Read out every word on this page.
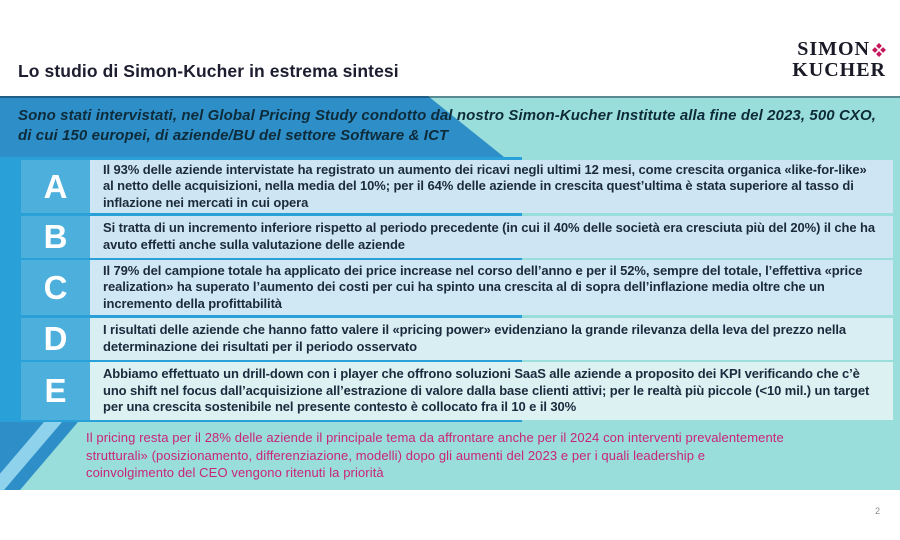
Lo studio di Simon-Kucher in estrema sintesi
SIMON
KUCHER
Sono stati intervistati, nel Global Pricing Study condotto dal nostro Simon-Kucher Institute alla fine del 2023, 500 CXO, di cui 150 europei, di aziende/BU del settore Software & ICT
A	Il 93% delle aziende intervistate ha registrato un aumento dei ricavi negli ultimi 12 mesi, come crescita organica «like-for-like» al netto delle acquisizioni, nella media del 10%; per il 64% delle aziende in crescita quest’ultima è stata superiore al tasso di inflazione nei mercati in cui opera
B	Si tratta di un incremento inferiore rispetto al periodo precedente (in cui il 40% delle società era cresciuta più del 20%) il che ha avuto effetti anche sulla valutazione delle aziende
C	Il 79% del campione totale ha applicato dei price increase nel corso dell’anno e per il 52%, sempre del totale, l’effettiva «price realization» ha superato l’aumento dei costi per cui ha spinto una crescita al di sopra dell’inflazione media oltre che un incremento della profittabilità
D	I risultati delle aziende che hanno fatto valere il «pricing power» evidenziano la grande rilevanza della leva del prezzo nella determinazione dei risultati per il periodo osservato
E	Abbiamo effettuato un drill-down con i player che offrono soluzioni SaaS alle aziende a proposito dei KPI verificando che c’è uno shift nel focus dall’acquisizione all’estrazione di valore dalla base clienti attivi; per le realtà più piccole (<10 mil.) un target per una crescita sostenibile nel presente contesto è collocato fra il 10 e il 30%
Il pricing resta per il 28% delle aziende il principale tema da affrontare anche per il 2024 con interventi prevalentemente strutturali» (posizionamento, differenziazione, modelli) dopo gli aumenti del 2023 e per i quali leadership e coinvolgimento del CEO vengono ritenuti la priorità
2
